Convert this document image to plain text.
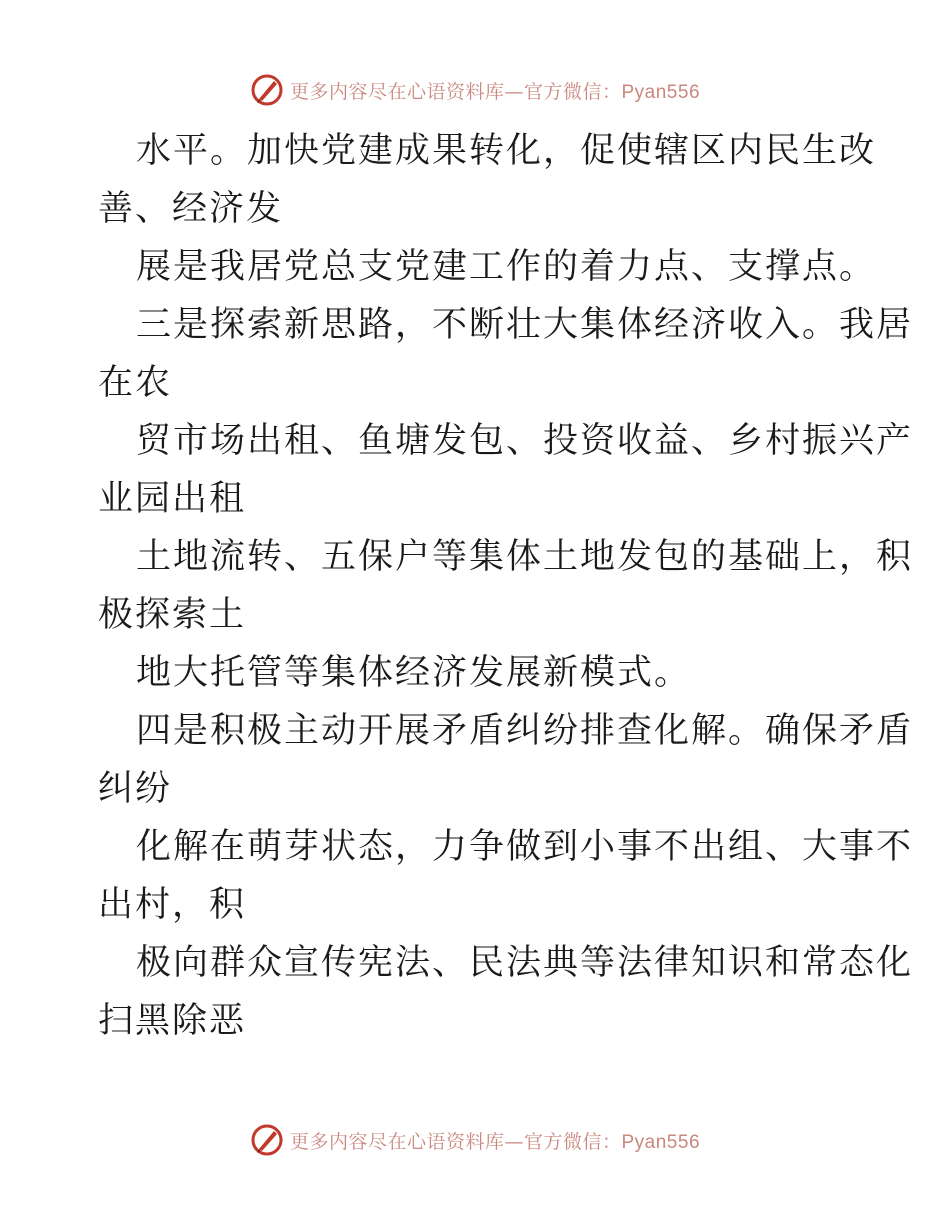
更多内容尽在心语资料库—官方微信：Pyan556
水平。加快党建成果转化，促使辖区内民生改
善、经济发
展是我居党总支党建工作的着力点、支撑点。
三是探索新思路，不断壮大集体经济收入。我居
在农
贸市场出租、鱼塘发包、投资收益、乡村振兴产
业园出租
土地流转、五保户等集体土地发包的基础上，积
极探索土
地大托管等集体经济发展新模式。
四是积极主动开展矛盾纠纷排查化解。确保矛盾
纠纷
化解在萌芽状态，力争做到小事不出组、大事不
出村，积
极向群众宣传宪法、民法典等法律知识和常态化
扫黑除恶
更多内容尽在心语资料库—官方微信：Pyan556
